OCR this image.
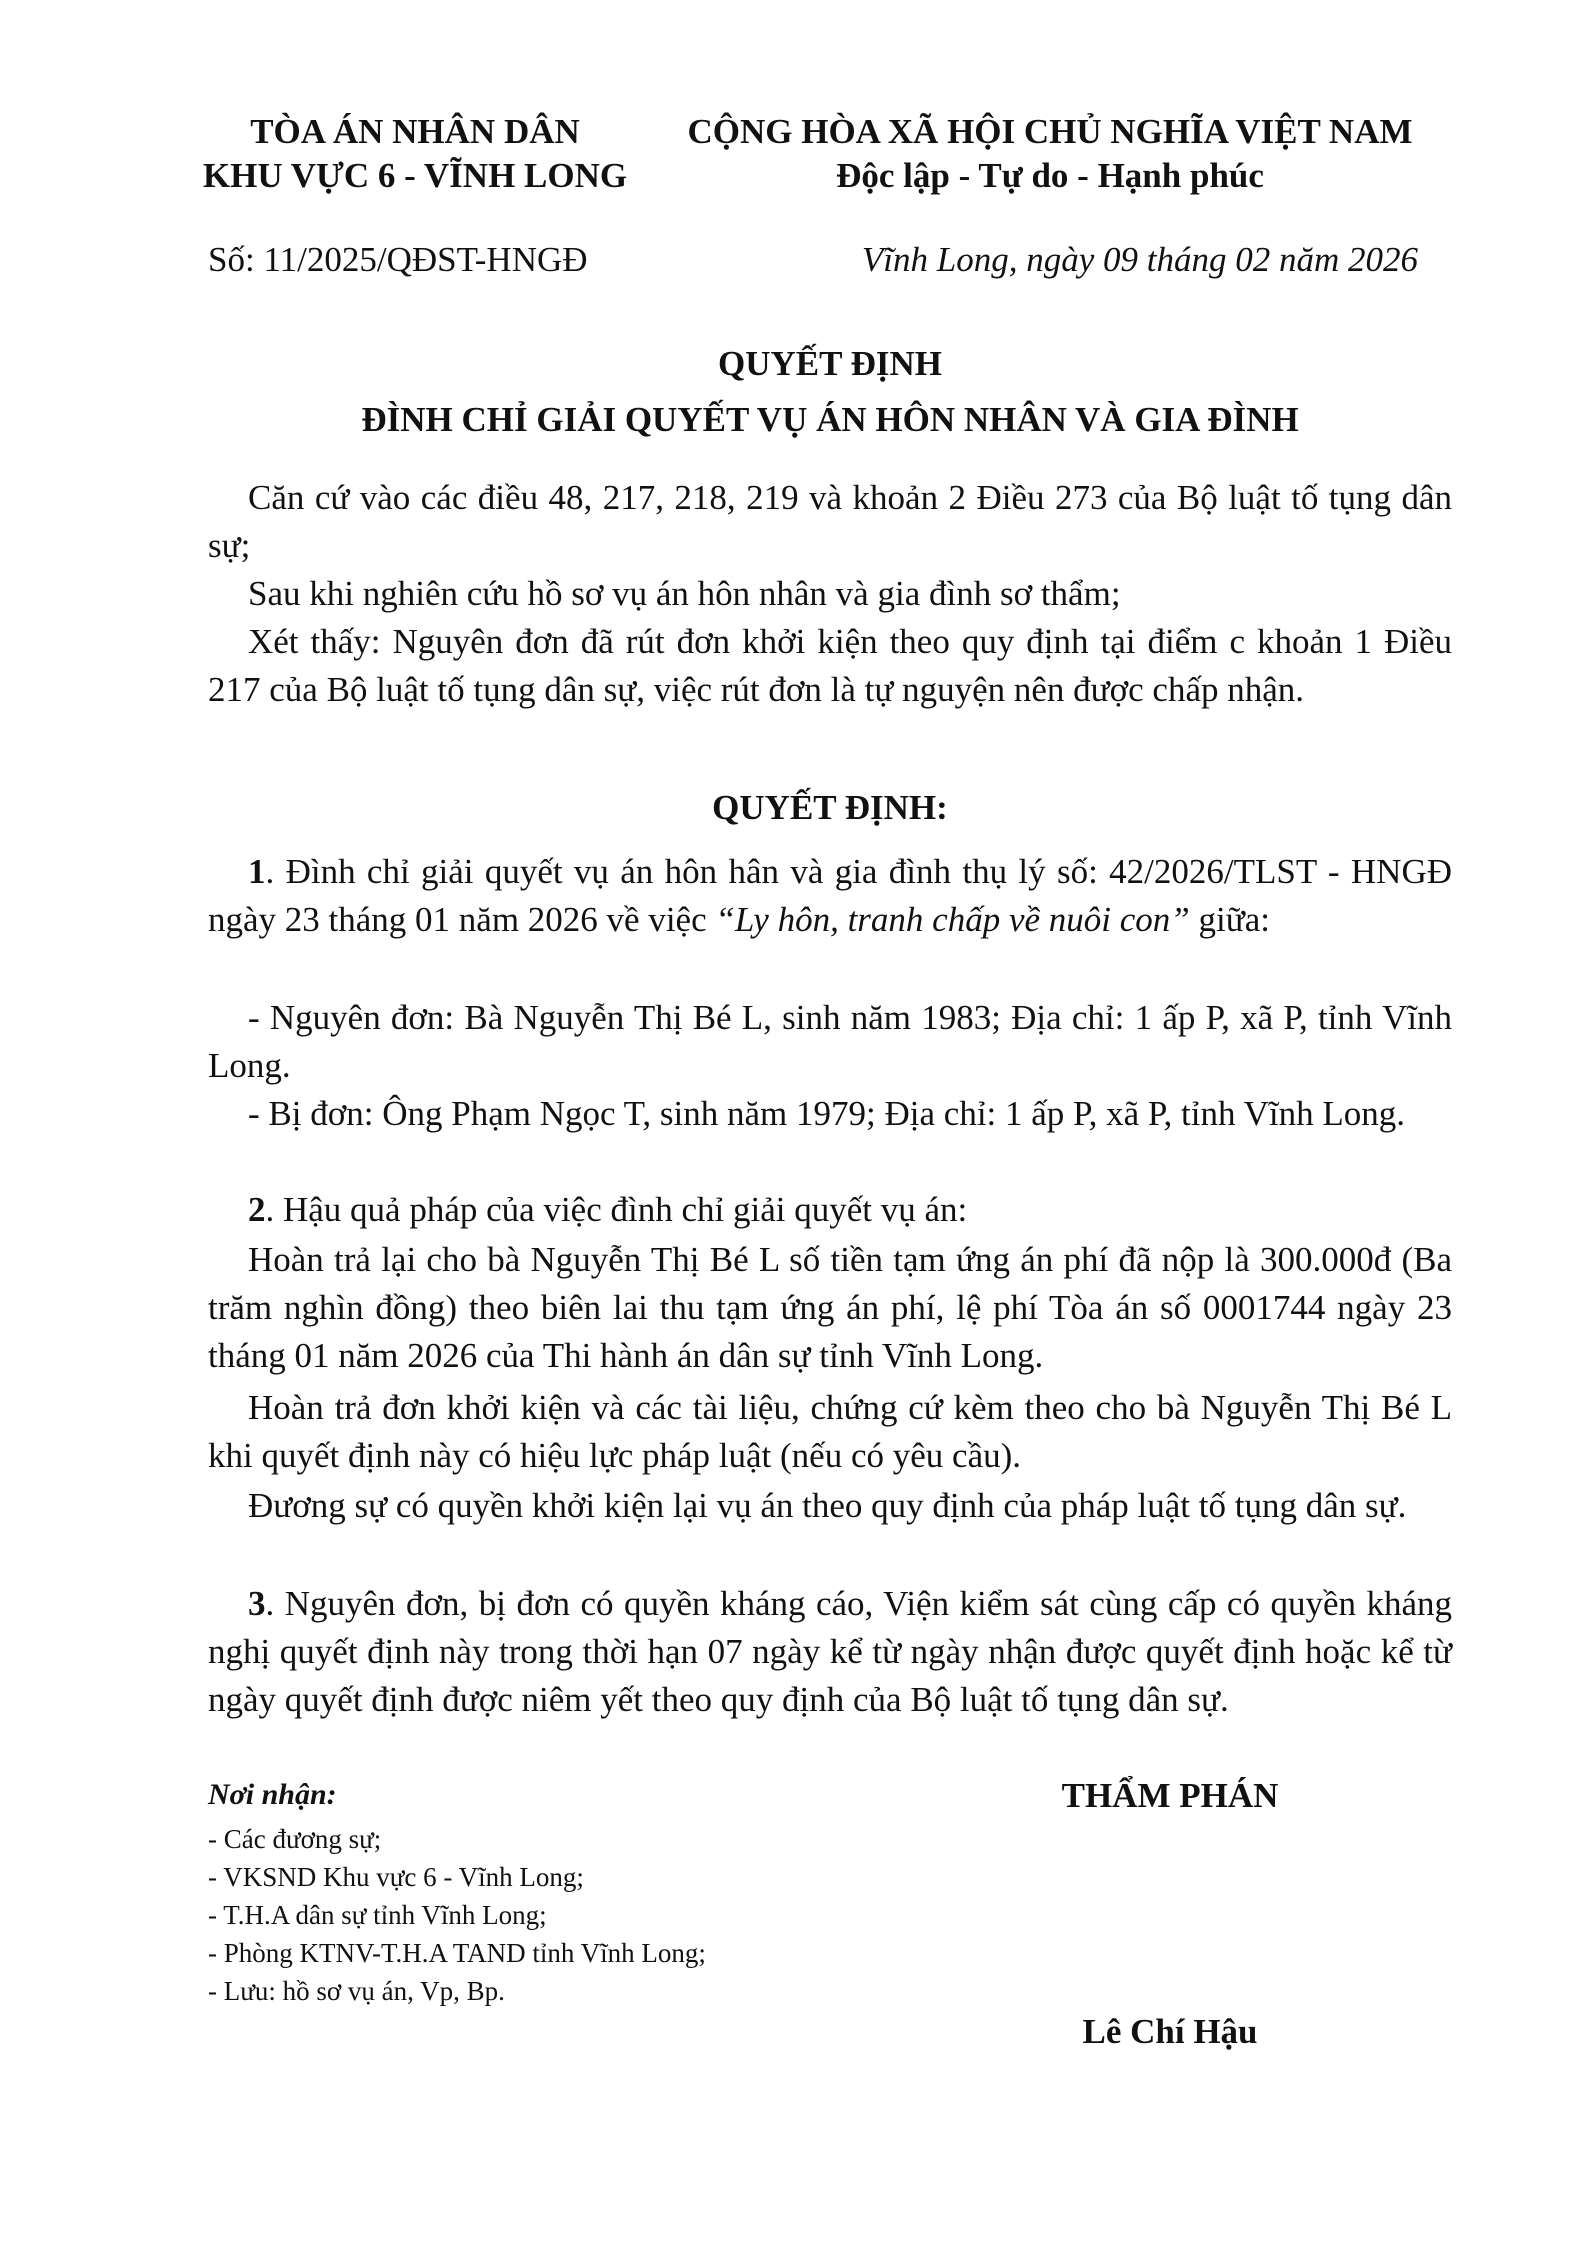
TÒA ÁN NHÂN DÂN
KHU VỰC 6 - VĨNH LONG
CỘNG HÒA XÃ HỘI CHỦ NGHĨA VIỆT NAM
Độc lập - Tự do - Hạnh phúc
Số: 11/2025/QĐST-HNGĐ	Vĩnh Long, ngày 09 tháng 02 năm 2026
QUYẾT ĐỊNH
ĐÌNH CHỈ GIẢI QUYẾT VỤ ÁN HÔN NHÂN VÀ GIA ĐÌNH
Căn cứ vào các điều 48, 217, 218, 219 và khoản 2 Điều 273 của Bộ luật tố tụng dân sự;
Sau khi nghiên cứu hồ sơ vụ án hôn nhân và gia đình sơ thẩm;
Xét thấy: Nguyên đơn đã rút đơn khởi kiện theo quy định tại điểm c khoản 1 Điều 217 của Bộ luật tố tụng dân sự, việc rút đơn là tự nguyện nên được chấp nhận.
QUYẾT ĐỊNH:
1. Đình chỉ giải quyết vụ án hôn hân và gia đình thụ lý số: 42/2026/TLST - HNGĐ ngày 23 tháng 01 năm 2026 về việc “Ly hôn, tranh chấp về nuôi con” giữa:
- Nguyên đơn: Bà Nguyễn Thị Bé L, sinh năm 1983; Địa chỉ: 1 ấp P, xã P, tỉnh Vĩnh Long.
- Bị đơn: Ông Phạm Ngọc T, sinh năm 1979; Địa chỉ: 1 ấp P, xã P, tỉnh Vĩnh Long.
2. Hậu quả pháp của việc đình chỉ giải quyết vụ án:
Hoàn trả lại cho bà Nguyễn Thị Bé L số tiền tạm ứng án phí đã nộp là 300.000đ (Ba trăm nghìn đồng) theo biên lai thu tạm ứng án phí, lệ phí Tòa án số 0001744 ngày 23 tháng 01 năm 2026 của Thi hành án dân sự tỉnh Vĩnh Long.
Hoàn trả đơn khởi kiện và các tài liệu, chứng cứ kèm theo cho bà Nguyễn Thị Bé L khi quyết định này có hiệu lực pháp luật (nếu có yêu cầu).
Đương sự có quyền khởi kiện lại vụ án theo quy định của pháp luật tố tụng dân sự.
3. Nguyên đơn, bị đơn có quyền kháng cáo, Viện kiểm sát cùng cấp có quyền kháng nghị quyết định này trong thời hạn 07 ngày kể từ ngày nhận được quyết định hoặc kể từ ngày quyết định được niêm yết theo quy định của Bộ luật tố tụng dân sự.
Nơi nhận:
- Các đương sự;
- VKSND Khu vực 6 - Vĩnh Long;
- T.H.A dân sự tỉnh Vĩnh Long;
- Phòng KTNV-T.H.A TAND tỉnh Vĩnh Long;
- Lưu: hồ sơ vụ án, Vp, Bp.
THẨM PHÁN
Lê Chí Hậu
